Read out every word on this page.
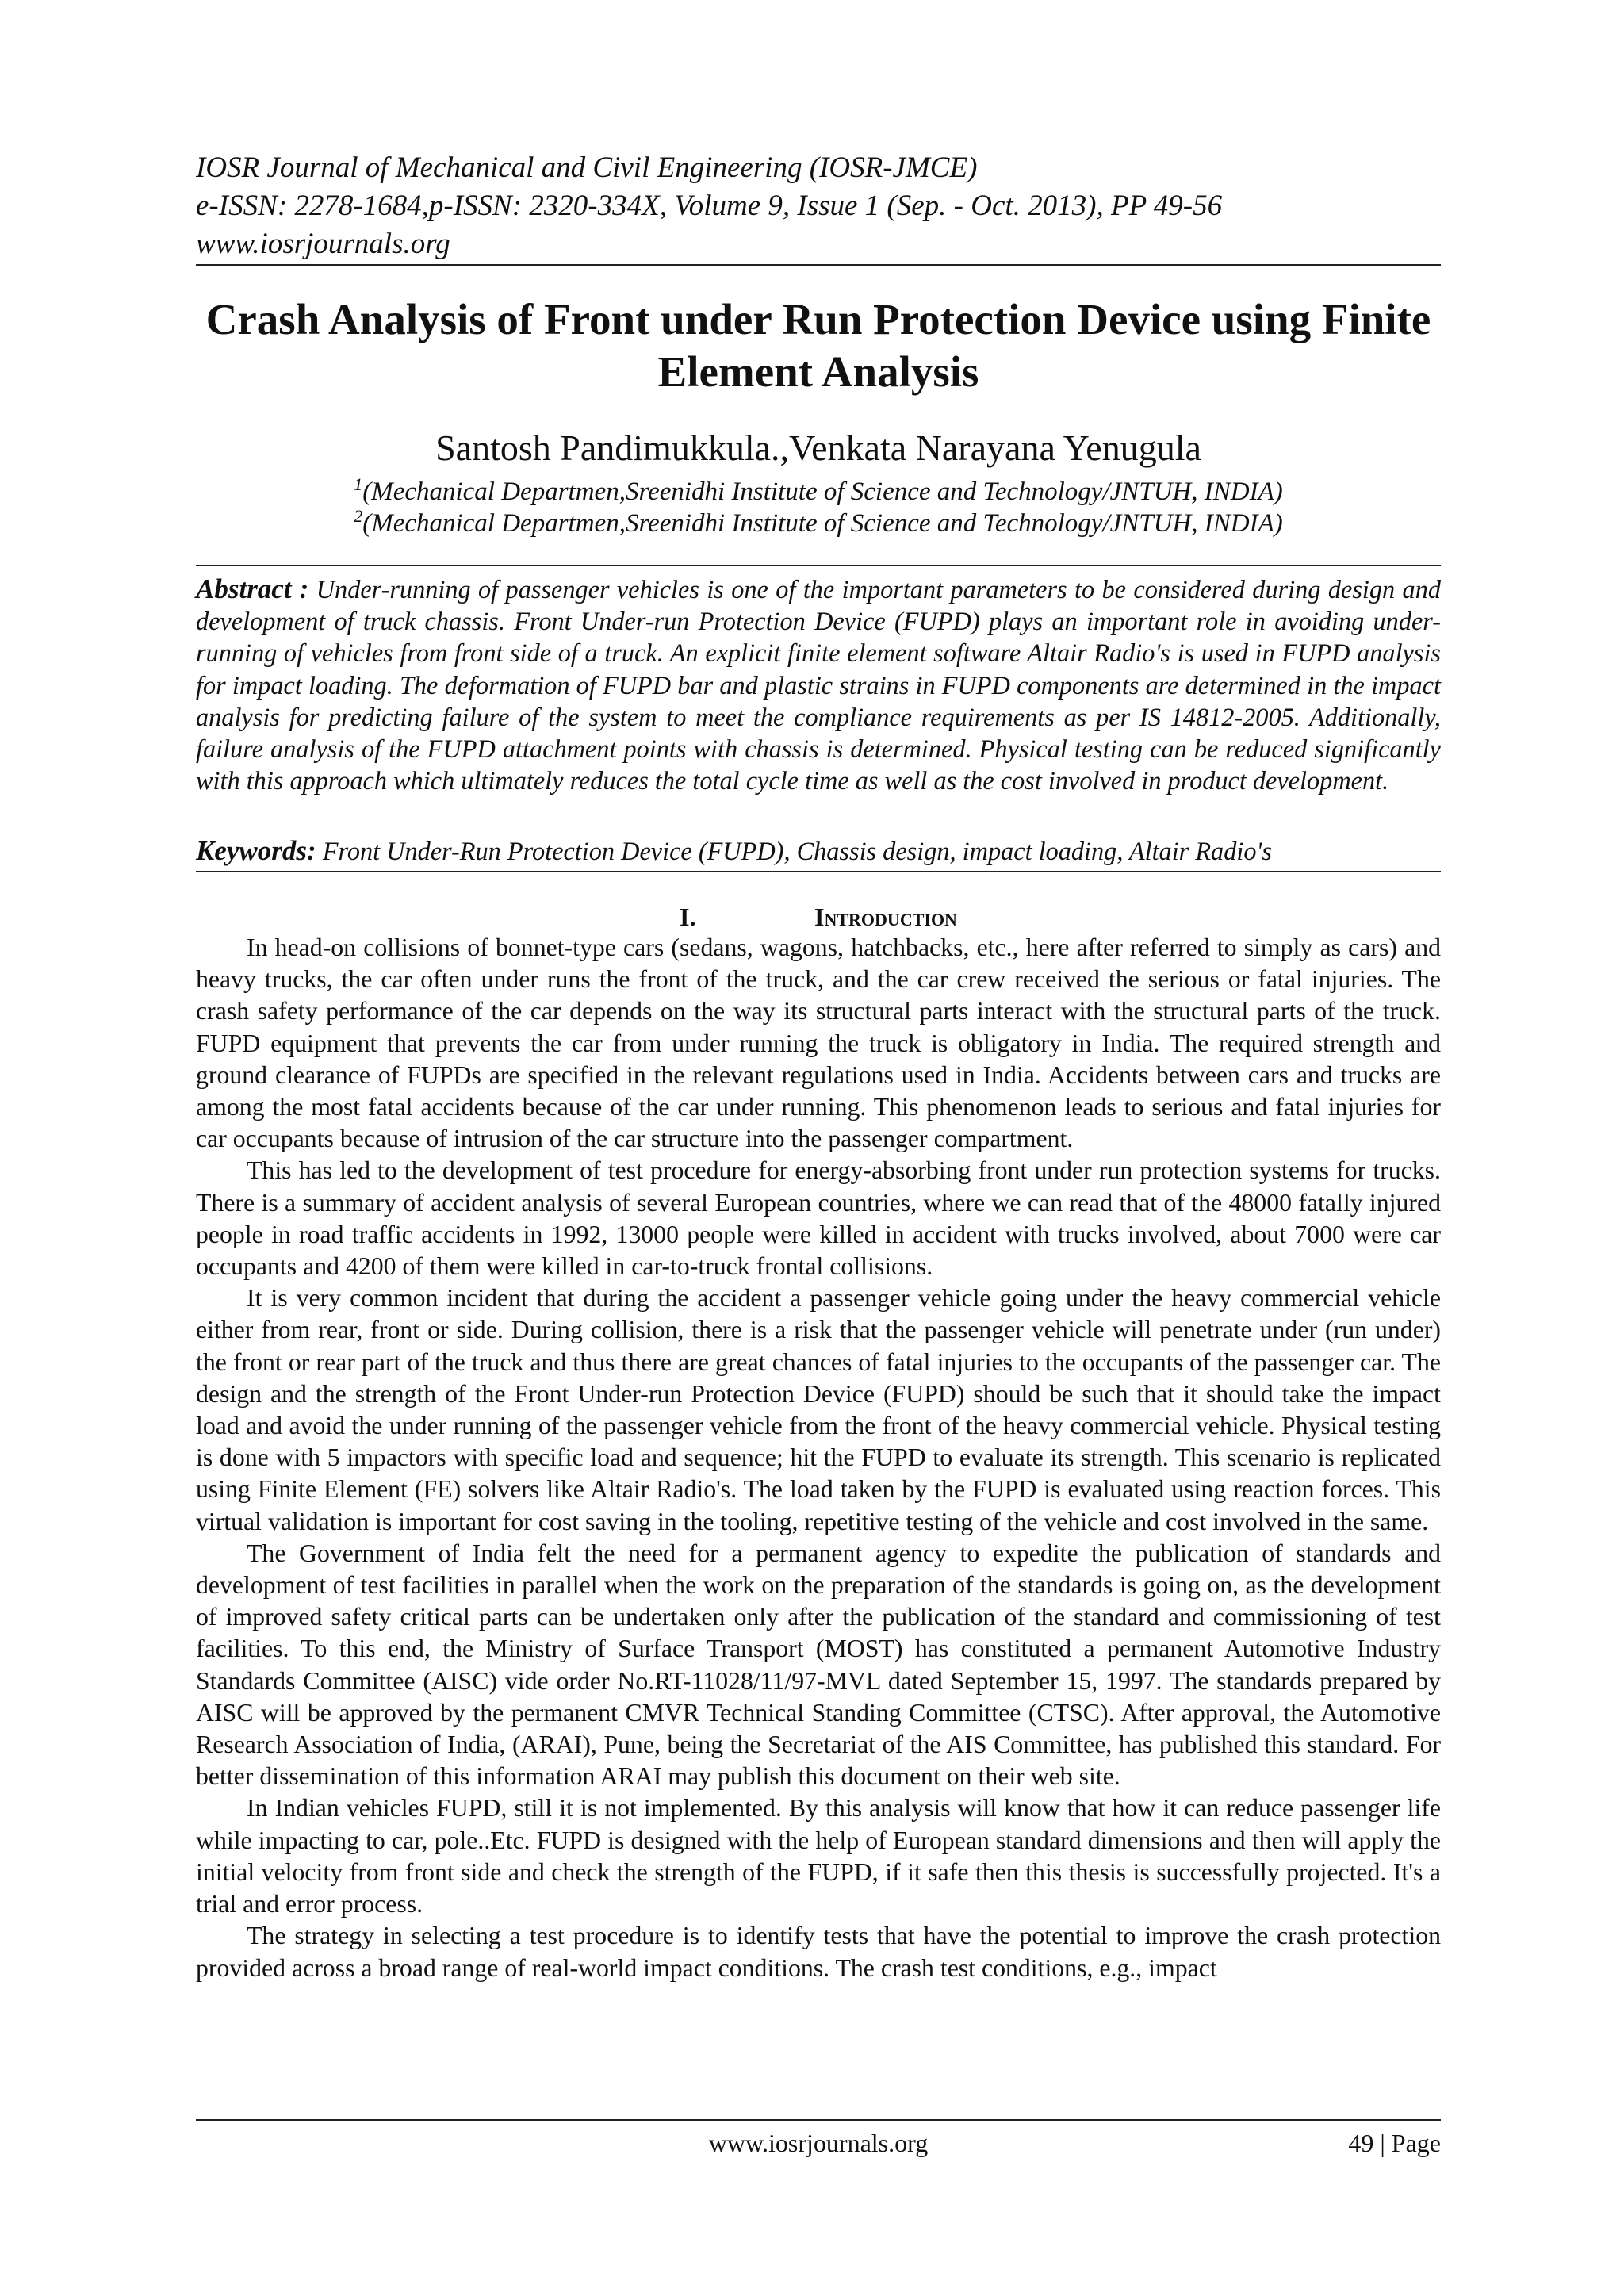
IOSR Journal of Mechanical and Civil Engineering (IOSR-JMCE)
e-ISSN: 2278-1684,p-ISSN: 2320-334X, Volume 9, Issue 1 (Sep. - Oct. 2013), PP 49-56
www.iosrjournals.org
Crash Analysis of Front under Run Protection Device using Finite
Element Analysis
Santosh Pandimukkula.,Venkata Narayana Yenugula
$^1$(Mechanical Departmen,Sreenidhi Institute of Science and Technology/JNTUH, INDIA)
$^2$(Mechanical Departmen,Sreenidhi Institute of Science and Technology/JNTUH, INDIA)
Abstract : Under-running of passenger vehicles is one of the important parameters to be considered during design and development of truck chassis. Front Under-run Protection Device (FUPD) plays an important role in avoiding under-running of vehicles from front side of a truck. An explicit finite element software Altair Radio's is used in FUPD analysis for impact loading. The deformation of FUPD bar and plastic strains in FUPD components are determined in the impact analysis for predicting failure of the system to meet the compliance requirements as per IS 14812-2005. Additionally, failure analysis of the FUPD attachment points with chassis is determined. Physical testing can be reduced significantly with this approach which ultimately reduces the total cycle time as well as the cost involved in product development.
Keywords: Front Under-Run Protection Device (FUPD), Chassis design, impact loading, Altair Radio's
I.	Introduction

In head-on collisions of bonnet-type cars (sedans, wagons, hatchbacks, etc., here after referred to simply as cars) and heavy trucks, the car often under runs the front of the truck, and the car crew received the serious or fatal injuries. The crash safety performance of the car depends on the way its structural parts interact with the structural parts of the truck. FUPD equipment that prevents the car from under running the truck is obligatory in India. The required strength and ground clearance of FUPDs are specified in the relevant regulations used in India. Accidents between cars and trucks are among the most fatal accidents because of the car under running. This phenomenon leads to serious and fatal injuries for car occupants because of intrusion of the car structure into the passenger compartment.

This has led to the development of test procedure for energy-absorbing front under run protection systems for trucks. There is a summary of accident analysis of several European countries, where we can read that of the 48000 fatally injured people in road traffic accidents in 1992, 13000 people were killed in accident with trucks involved, about 7000 were car occupants and 4200 of them were killed in car-to-truck frontal collisions.

It is very common incident that during the accident a passenger vehicle going under the heavy commercial vehicle either from rear, front or side. During collision, there is a risk that the passenger vehicle will penetrate under (run under) the front or rear part of the truck and thus there are great chances of fatal injuries to the occupants of the passenger car. The design and the strength of the Front Under-run Protection Device (FUPD) should be such that it should take the impact load and avoid the under running of the passenger vehicle from the front of the heavy commercial vehicle. Physical testing is done with 5 impactors with specific load and sequence; hit the FUPD to evaluate its strength. This scenario is replicated using Finite Element (FE) solvers like Altair Radio's. The load taken by the FUPD is evaluated using reaction forces. This virtual validation is important for cost saving in the tooling, repetitive testing of the vehicle and cost involved in the same.

The Government of India felt the need for a permanent agency to expedite the publication of standards and development of test facilities in parallel when the work on the preparation of the standards is going on, as the development of improved safety critical parts can be undertaken only after the publication of the standard and commissioning of test facilities. To this end, the Ministry of Surface Transport (MOST) has constituted a permanent Automotive Industry Standards Committee (AISC) vide order No.RT-11028/11/97-MVL dated September 15, 1997. The standards prepared by AISC will be approved by the permanent CMVR Technical Standing Committee (CTSC). After approval, the Automotive Research Association of India, (ARAI), Pune, being the Secretariat of the AIS Committee, has published this standard. For better dissemination of this information ARAI may publish this document on their web site.

In Indian vehicles FUPD, still it is not implemented. By this analysis will know that how it can reduce passenger life while impacting to car, pole..Etc. FUPD is designed with the help of European standard dimensions and then will apply the initial velocity from front side and check the strength of the FUPD, if it safe then this thesis is successfully projected. It's a trial and error process.

The strategy in selecting a test procedure is to identify tests that have the potential to improve the crash protection provided across a broad range of real-world impact conditions. The crash test conditions, e.g., impact

www.iosrjournals.org	49 | Page
